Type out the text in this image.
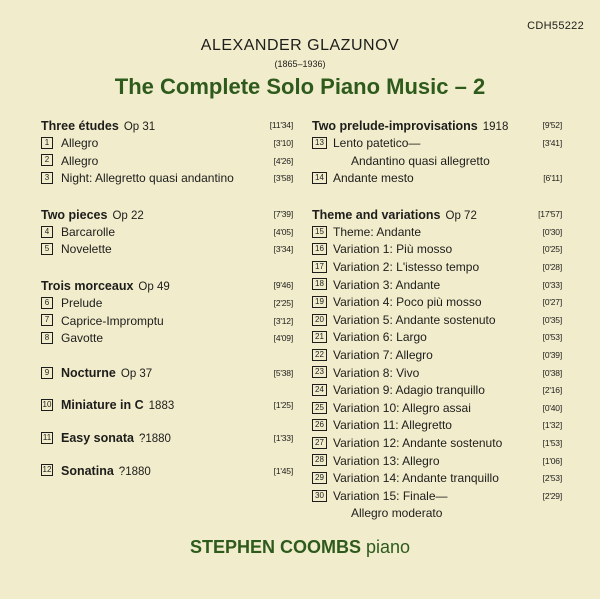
CDH55222
ALEXANDER GLAZUNOV
(1865–1936)
The Complete Solo Piano Music – 2
Three études Op 31	[11'34]
1 Allegro	[3'10]
2 Allegro	[4'26]
3 Night: Allegretto quasi andantino	[3'58]
Two pieces Op 22	[7'39]
4 Barcarolle	[4'05]
5 Novelette	[3'34]
Trois morceaux Op 49	[9'46]
6 Prelude	[2'25]
7 Caprice-Impromptu	[3'12]
8 Gavotte	[4'09]
9 Nocturne Op 37	[5'38]
10 Miniature in C 1883	[1'25]
11 Easy sonata ?1880	[1'33]
12 Sonatina ?1880	[1'45]
Two prelude-improvisations 1918	[9'52]
13 Lento patetico—	[3'41]
Andantino quasi allegretto
14 Andante mesto	[6'11]
Theme and variations Op 72	[17'57]
15 Theme: Andante	[0'30]
16 Variation 1: Più mosso	[0'25]
17 Variation 2: L'istesso tempo	[0'28]
18 Variation 3: Andante	[0'33]
19 Variation 4: Poco più mosso	[0'27]
20 Variation 5: Andante sostenuto	[0'35]
21 Variation 6: Largo	[0'53]
22 Variation 7: Allegro	[0'39]
23 Variation 8: Vivo	[0'38]
24 Variation 9: Adagio tranquillo	[2'16]
25 Variation 10: Allegro assai	[0'40]
26 Variation 11: Allegretto	[1'32]
27 Variation 12: Andante sostenuto	[1'53]
28 Variation 13: Allegro	[1'06]
29 Variation 14: Andante tranquillo	[2'53]
30 Variation 15: Finale—	[2'29]
Allegro moderato
STEPHEN COOMBS piano
